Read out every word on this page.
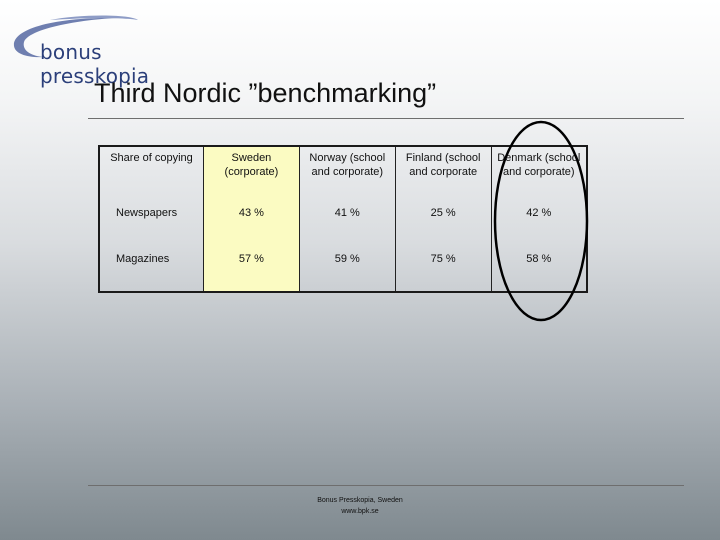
bonus presskopia
Third Nordic ”benchmarking”
Share of copying	Sweden (corporate)	Norway (school and corporate)	Finland (school and corporate	Denmark (school and corporate)
Newspapers	43 %	41 %	25 %	42 %
Magazines	57 %	59 %	75 %	58 %
Bonus Presskopia, Sweden
www.bpk.se
